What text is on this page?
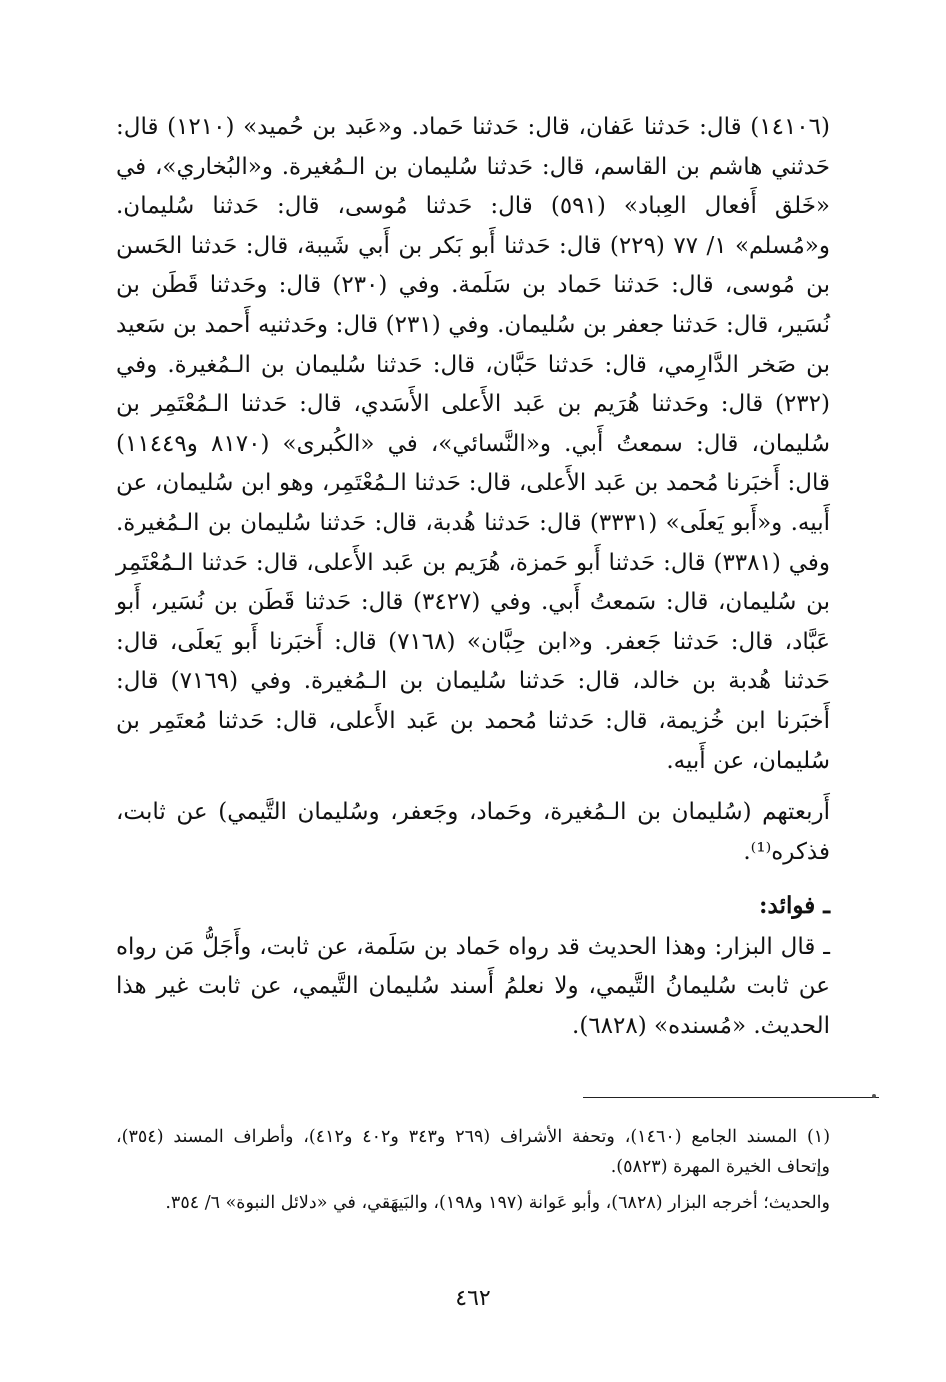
(١٤١٠٦) قال: حَدثنا عَفان، قال: حَدثنا حَماد. و«عَبد بن حُميد» (١٢١٠) قال: حَدثني هاشم بن القاسم، قال: حَدثنا سُليمان بن الـمُغيرة. و«البُخاري»، في «خَلق أَفعال العِباد» (٥٩١) قال: حَدثنا مُوسى، قال: حَدثنا سُليمان. و«مُسلم» ١/ ٧٧ (٢٢٩) قال: حَدثنا أَبو بَكر بن أَبي شَيبة، قال: حَدثنا الحَسن بن مُوسى، قال: حَدثنا حَماد بن سَلَمة. وفي (٢٣٠) قال: وحَدثنا قَطَن بن نُسَير، قال: حَدثنا جعفر بن سُليمان. وفي (٢٣١) قال: وحَدثنيه أَحمد بن سَعيد بن صَخر الدَّارِمي، قال: حَدثنا حَبَّان، قال: حَدثنا سُليمان بن الـمُغيرة. وفي (٢٣٢) قال: وحَدثنا هُرَيم بن عَبد الأَعلى الأَسَدي، قال: حَدثنا الـمُعْتَمِر بن سُليمان، قال: سمعتُ أَبي. و«النَّسائي»، في «الكُبرى» (٨١٧٠ و١١٤٤٩) قال: أَخبَرنا مُحمد بن عَبد الأَعلى، قال: حَدثنا الـمُعْتَمِر، وهو ابن سُليمان، عن أَبيه. و«أَبو يَعلَى» (٣٣٣١) قال: حَدثنا هُدبة، قال: حَدثنا سُليمان بن الـمُغيرة. وفي (٣٣٨١) قال: حَدثنا أَبو حَمزة، هُرَيم بن عَبد الأَعلى، قال: حَدثنا الـمُعْتَمِر بن سُليمان، قال: سَمعتُ أَبي. وفي (٣٤٢٧) قال: حَدثنا قَطَن بن نُسَير، أَبو عَبَّاد، قال: حَدثنا جَعفر. و«ابن حِبَّان» (٧١٦٨) قال: أَخبَرنا أَبو يَعلَى، قال: حَدثنا هُدبة بن خالد، قال: حَدثنا سُليمان بن الـمُغيرة. وفي (٧١٦٩) قال: أَخبَرنا ابن خُزيمة، قال: حَدثنا مُحمد بن عَبد الأَعلى، قال: حَدثنا مُعتَمِر بن سُليمان، عن أَبيه.

أَربعتهم (سُليمان بن الـمُغيرة، وحَماد، وجَعفر، وسُليمان التَّيمي) عن ثابت، فذكره⁽¹⁾.

ـ فوائد:

ـ قال البزار: وهذا الحديث قد رواه حَماد بن سَلَمة، عن ثابت، وأَجَلُّ مَن رواه عن ثابت سُليمانُ التَّيمي، ولا نعلمُ أَسند سُليمان التَّيمي، عن ثابت غير هذا الحديث. «مُسنده» (٦٨٢٨).

(١) المسند الجامع (١٤٦٠)، وتحفة الأشراف (٢٦٩ و٣٤٣ و٤٠٢ و٤١٢)، وأطراف المسند (٣٥٤)، وإتحاف الخيرة المهرة (٥٨٢٣).

والحديث؛ أخرجه البزار (٦٨٢٨)، وأبو عَوانة (١٩٧ و١٩٨)، والبَيهَقي، في «دلائل النبوة» ٦/ ٣٥٤.

٤٦٢
